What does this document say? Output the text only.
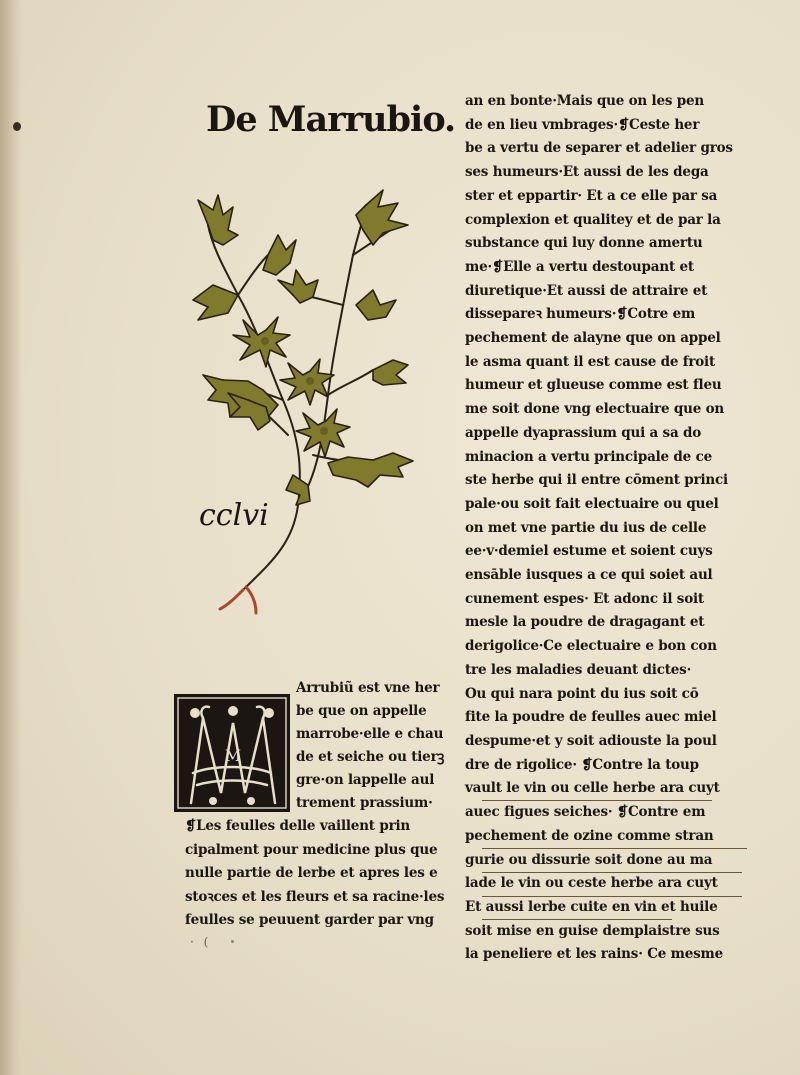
De Marrubio.
cclvi
M
Arrubiũ est vne her
be que on appelle
marrobe·elle e chau
de et seiche ou tierꝫ
gre·on lappelle aul
trement prassium·
❡Les feulles delle vaillent prin
cipalment pour medicine plus que
nulle partie de lerbe et apres les e
stoꝛces et les fleurs et sa racine·les
feulles se peuuent garder par vng
an en bonte·Mais que on les pen
de en lieu vmbrages·❡Ceste her
be a vertu de separer et adelier gros
ses humeurs·Et aussi de les dega
ster et eppartir· Et a ce elle par sa
complexion et qualitey et de par la
substance qui luy donne amertu
me·❡Elle a vertu destoupant et
diuretique·Et aussi de attraire et
dissepareꝛ humeurs·❡Cotre em
pechement de alayne que on appel
le asma quant il est cause de froit
humeur et glueuse comme est fleu
me soit done vng electuaire que on
appelle dyaprassium qui a sa do
minacion a vertu principale de ce
ste herbe qui il entre cōment princi
pale·ou soit fait electuaire ou quel
on met vne partie du ius de celle
ee·v·demiel estume et soient cuys
ensāble iusques a ce qui soiet aul
cunement espes· Et adonc il soit
mesle la poudre de dragagant et
derigolice·Ce electuaire e bon con
tre les maladies deuant dictes·
Ou qui nara point du ius soit cō
fite la poudre de feulles auec miel
despume·et y soit adiouste la poul
dre de rigolice· ❡Contre la toup
vault le vin ou celle herbe ara cuyt
auec figues seiches· ❡Contre em
pechement de ozine comme stran
gurie ou dissurie soit done au ma
lade le vin ou ceste herbe ara cuyt
Et aussi lerbe cuite en vin et huile
soit mise en guise demplaistre sus
la peneliere et les rains· Ce mesme
· (
